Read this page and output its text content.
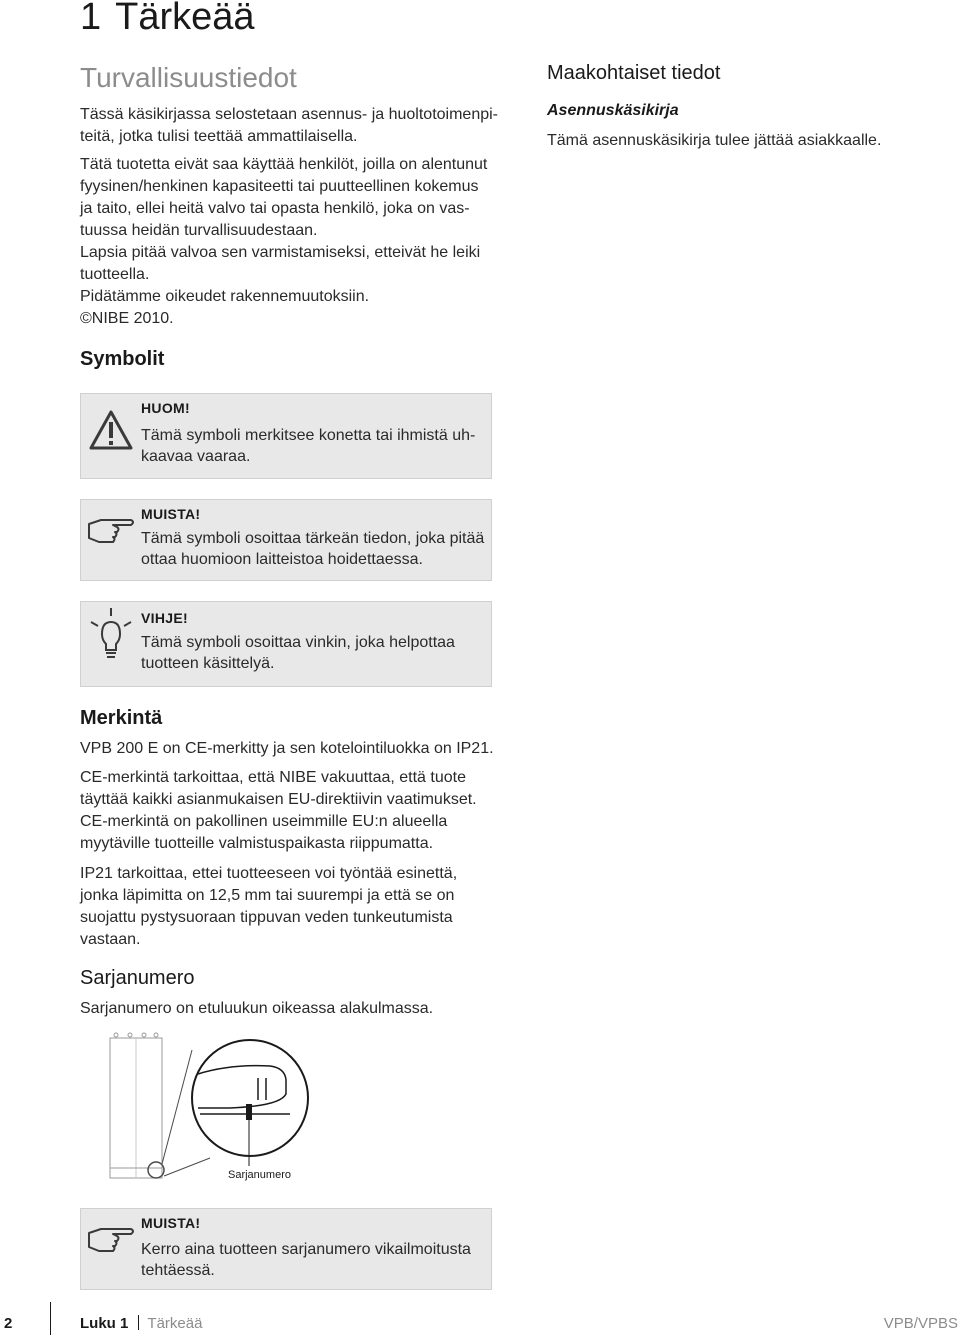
1 Tärkeää
Turvallisuustiedot

Tässä käsikirjassa selostetaan asennus- ja huoltotoimenpi-teitä, jotka tulisi teettää ammattilaisella.

Tätä tuotetta eivät saa käyttää henkilöt, joilla on alentunut
fyysinen/henkinen kapasiteetti tai puutteellinen kokemus
ja taito, ellei heitä valvo tai opasta henkilö, joka on vas-
tuussa heidän turvallisuudestaan.
Lapsia pitää valvoa sen varmistamiseksi, etteivät he leiki
tuotteella.
Pidätämme oikeudet rakennemuutoksiin.
©NIBE 2010.
Maakohtaiset tiedot
Asennuskäsikirja
Tämä asennuskäsikirja tulee jättää asiakkaalle.
Symbolit
HUOM!
Tämä symboli merkitsee konetta tai ihmistä uh-
kaavaa vaaraa.
MUISTA!
Tämä symboli osoittaa tärkeän tiedon, joka pitää
ottaa huomioon laitteistoa hoidettaessa.
VIHJE!
Tämä symboli osoittaa vinkin, joka helpottaa
tuotteen käsittelyä.
Merkintä
VPB 200 E on CE-merkitty ja sen kotelointiluokka on IP21.
CE-merkintä tarkoittaa, että NIBE vakuuttaa, että tuote
täyttää kaikki asianmukaisen EU-direktiivin vaatimukset.
CE-merkintä on pakollinen useimmille EU:n alueella
myytäville tuotteille valmistuspaikasta riippumatta.
IP21 tarkoittaa, ettei tuotteeseen voi työntää esinettä,
jonka läpimitta on 12,5 mm tai suurempi ja että se on
suojattu pystysuoraan tippuvan veden tunkeutumista
vastaan.
Sarjanumero
Sarjanumero on etuluukun oikeassa alakulmassa.
Sarjanumero
MUISTA!
Kerro aina tuotteen sarjanumero vikailmoitusta
tehtäessä.
2	Luku 1 Tärkeää	VPB/VPBS
